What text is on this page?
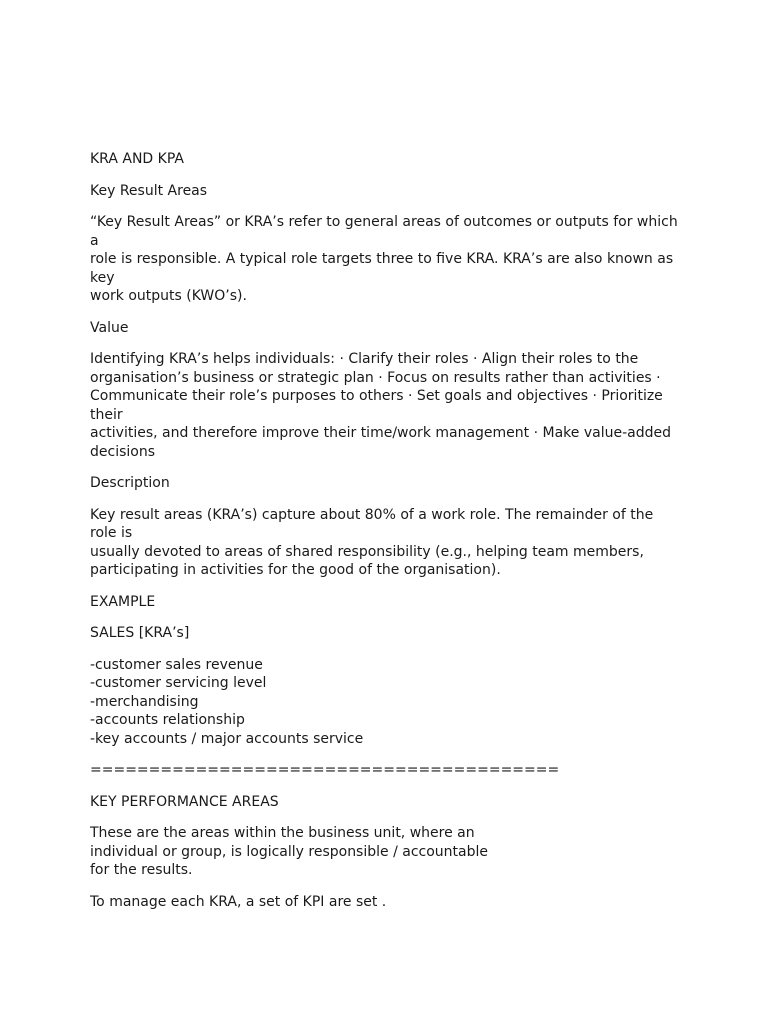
KRA AND KPA
Key Result Areas
“Key Result Areas” or KRA’s refer to general areas of outcomes or outputs for which
a
role is responsible. A typical role targets three to five KRA. KRA’s are also known as
key
work outputs (KWO’s).
Value
Identifying KRA’s helps individuals: · Clarify their roles · Align their roles to the
organisation’s business or strategic plan · Focus on results rather than activities ·
Communicate their role’s purposes to others · Set goals and objectives · Prioritize
their
activities, and therefore improve their time/work management · Make value-added
decisions
Description
Key result areas (KRA’s) capture about 80% of a work role. The remainder of the
role is
usually devoted to areas of shared responsibility (e.g., helping team members,
participating in activities for the good of the organisation).
EXAMPLE
SALES [KRA’s]
-customer sales revenue
-customer servicing level
-merchandising
-accounts relationship
-key accounts / major accounts service
========================================
KEY PERFORMANCE AREAS
These are the areas within the business unit, where an
individual or group, is logically responsible / accountable
for the results.
To manage each KRA, a set of KPI are set .
